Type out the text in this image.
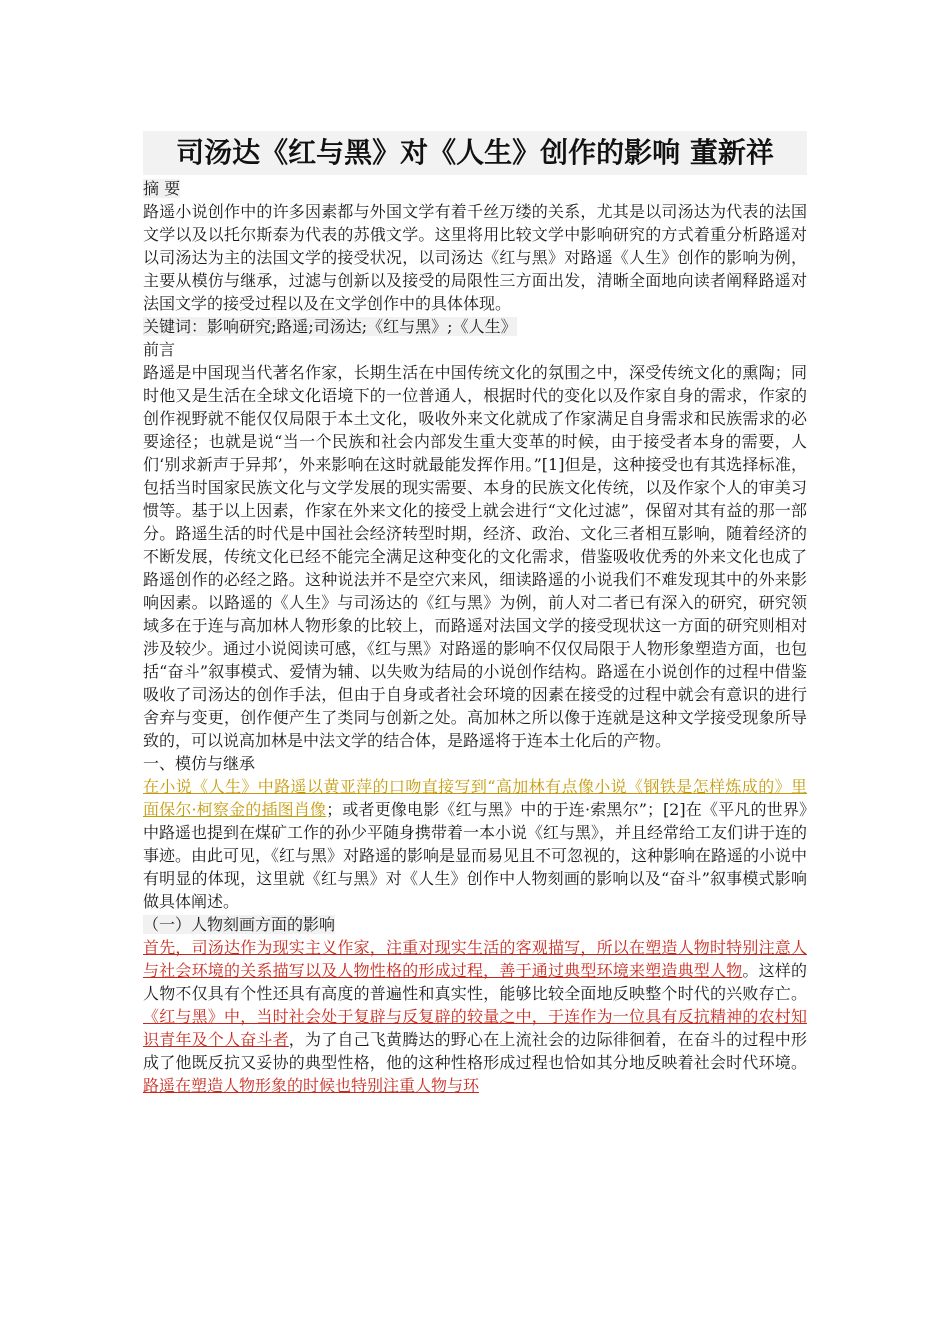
司汤达《红与黑》对《人生》创作的影响 董新祥

摘 要

路遥小说创作中的许多因素都与外国文学有着千丝万缕的关系，尤其是以司汤达为代表的法国文学以及以托尔斯泰为代表的苏俄文学。这里将用比较文学中影响研究的方式着重分析路遥对以司汤达为主的法国文学的接受状况，以司汤达《红与黑》对路遥《人生》创作的影响为例，主要从模仿与继承，过滤与创新以及接受的局限性三方面出发，清晰全面地向读者阐释路遥对法国文学的接受过程以及在文学创作中的具体体现。

关键词：影响研究;路遥;司汤达;《红与黑》;《人生》

前言

路遥是中国现当代著名作家，长期生活在中国传统文化的氛围之中，深受传统文化的熏陶；同时他又是生活在全球文化语境下的一位普通人，根据时代的变化以及作家自身的需求，作家的创作视野就不能仅仅局限于本土文化，吸收外来文化就成了作家满足自身需求和民族需求的必要途径；也就是说“当一个民族和社会内部发生重大变革的时候，由于接受者本身的需要，人们‘别求新声于异邦’，外来影响在这时就最能发挥作用。”[1]但是，这种接受也有其选择标准，包括当时国家民族文化与文学发展的现实需要、本身的民族文化传统，以及作家个人的审美习惯等。基于以上因素，作家在外来文化的接受上就会进行“文化过滤”，保留对其有益的那一部分。路遥生活的时代是中国社会经济转型时期，经济、政治、文化三者相互影响，随着经济的不断发展，传统文化已经不能完全满足这种变化的文化需求，借鉴吸收优秀的外来文化也成了路遥创作的必经之路。这种说法并不是空穴来风，细读路遥的小说我们不难发现其中的外来影响因素。以路遥的《人生》与司汤达的《红与黑》为例，前人对二者已有深入的研究，研究领域多在于连与高加林人物形象的比较上，而路遥对法国文学的接受现状这一方面的研究则相对涉及较少。通过小说阅读可感，《红与黑》对路遥的影响不仅仅局限于人物形象塑造方面，也包括“奋斗”叙事模式、爱情为辅、以失败为结局的小说创作结构。路遥在小说创作的过程中借鉴吸收了司汤达的创作手法，但由于自身或者社会环境的因素在接受的过程中就会有意识的进行舍弃与变更，创作便产生了类同与创新之处。高加林之所以像于连就是这种文学接受现象所导致的，可以说高加林是中法文学的结合体，是路遥将于连本土化后的产物。

一、模仿与继承

在小说《人生》中路遥以黄亚萍的口吻直接写到“高加林有点像小说《钢铁是怎样炼成的》里面保尔·柯察金的插图肖像；或者更像电影《红与黑》中的于连·索黑尔”；[2]在《平凡的世界》中路遥也提到在煤矿工作的孙少平随身携带着一本小说《红与黑》，并且经常给工友们讲于连的事迹。由此可见，《红与黑》对路遥的影响是显而易见且不可忽视的，这种影响在路遥的小说中有明显的体现，这里就《红与黑》对《人生》创作中人物刻画的影响以及“奋斗”叙事模式影响做具体阐述。

（一）人物刻画方面的影响

首先，司汤达作为现实主义作家，注重对现实生活的客观描写，所以在塑造人物时特别注意人与社会环境的关系描写以及人物性格的形成过程，善于通过典型环境来塑造典型人物。这样的人物不仅具有个性还具有高度的普遍性和真实性，能够比较全面地反映整个时代的兴败存亡。《红与黑》中，当时社会处于复辟与反复辟的较量之中，于连作为一位具有反抗精神的农村知识青年及个人奋斗者，为了自己飞黄腾达的野心在上流社会的边际徘徊着，在奋斗的过程中形成了他既反抗又妥协的典型性格，他的这种性格形成过程也恰如其分地反映着社会时代环境。路遥在塑造人物形象的时候也特别注重人物与环
